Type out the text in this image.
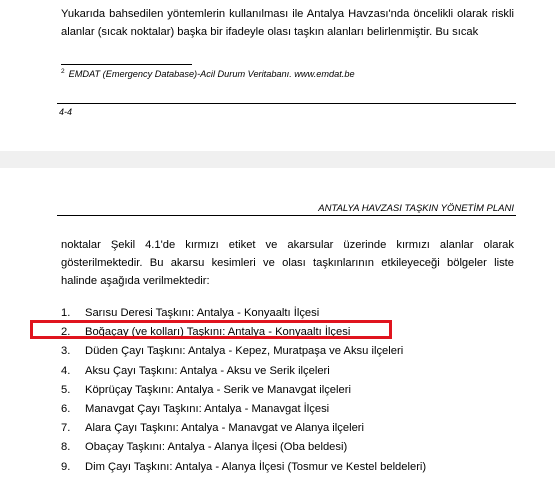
Yukarıda bahsedilen yöntemlerin kullanılması ile Antalya Havzası'nda öncelikli olarak riskli alanlar (sıcak noktalar) başka bir ifadeyle olası taşkın alanları belirlenmiştir. Bu sıcak

$^2$ EMDAT (Emergency Database)-Acil Durum Veritabanı. www.emdat.be
4-4
ANTALYA HAVZASI TAŞKIN YÖNETİM PLANI

noktalar Şekil 4.1'de kırmızı etiket ve akarsular üzerinde kırmızı alanlar olarak gösterilmektedir. Bu akarsu kesimleri ve olası taşkınlarının etkileyeceği bölgeler liste halinde aşağıda verilmektedir:

1. Sarısu Deresi Taşkını: Antalya - Konyaaltı İlçesi
2. Boğaçay (ve kolları) Taşkını: Antalya - Konyaaltı İlçesi
3. Düden Çayı Taşkını: Antalya - Kepez, Muratpaşa ve Aksu ilçeleri
4. Aksu Çayı Taşkını: Antalya - Aksu ve Serik ilçeleri
5. Köprüçay Taşkını: Antalya - Serik ve Manavgat ilçeleri
6. Manavgat Çayı Taşkını: Antalya - Manavgat İlçesi
7. Alara Çayı Taşkını: Antalya - Manavgat ve Alanya ilçeleri
8. Obaçay Taşkını: Antalya - Alanya İlçesi (Oba beldesi)
9. Dim Çayı Taşkını: Antalya - Alanya İlçesi (Tosmur ve Kestel beldeleri)
